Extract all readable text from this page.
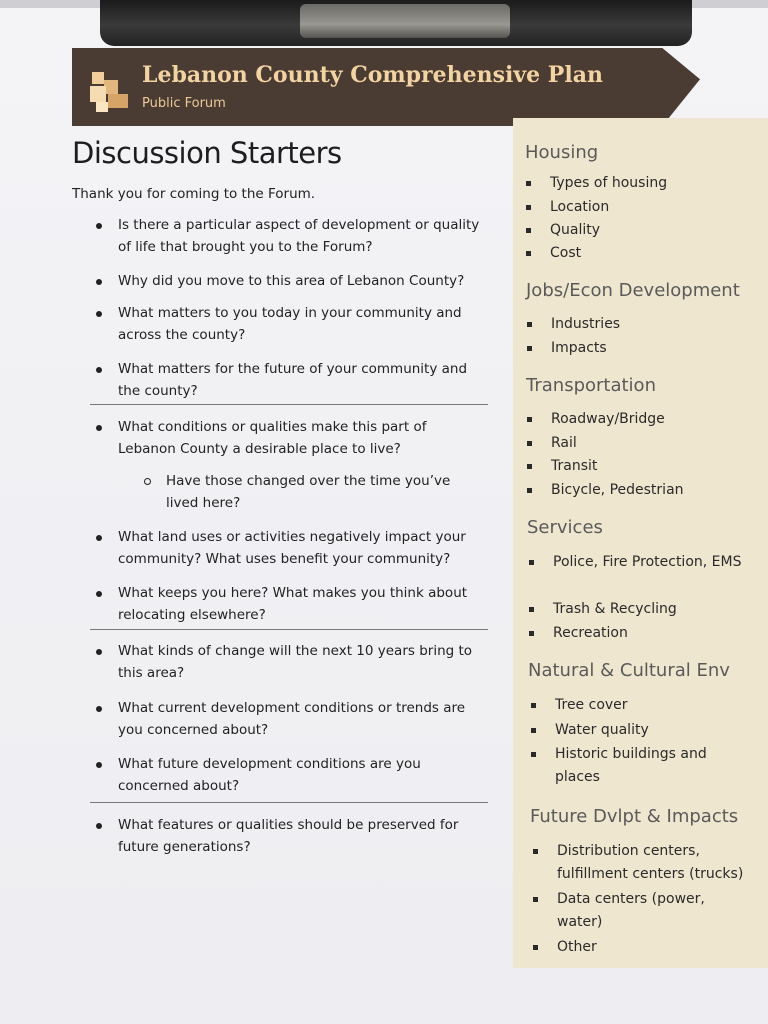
Lebanon County Comprehensive Plan
Public Forum
Discussion Starters
Thank you for coming to the Forum.
Is there a particular aspect of development or quality of life that brought you to the Forum?
Why did you move to this area of Lebanon County?
What matters to you today in your community and across the county?
What matters for the future of your community and the county?
What conditions or qualities make this part of Lebanon County a desirable place to live?
Have those changed over the time you’ve lived here?
What land uses or activities negatively impact your community? What uses benefit your community?
What keeps you here? What makes you think about relocating elsewhere?
What kinds of change will the next 10 years bring to this area?
What current development conditions or trends are you concerned about?
What future development conditions are you concerned about?
What features or qualities should be preserved for future generations?
Housing
Types of housing
Location
Quality
Cost
Jobs/Econ Development
Industries
Impacts
Transportation
Roadway/Bridge
Rail
Transit
Bicycle, Pedestrian
Services
Police, Fire Protection, EMS
Trash & Recycling
Recreation
Natural & Cultural Env
Tree cover
Water quality
Historic buildings and places
Future Dvlpt & Impacts
Distribution centers, fulfillment centers (trucks)
Data centers (power, water)
Other
